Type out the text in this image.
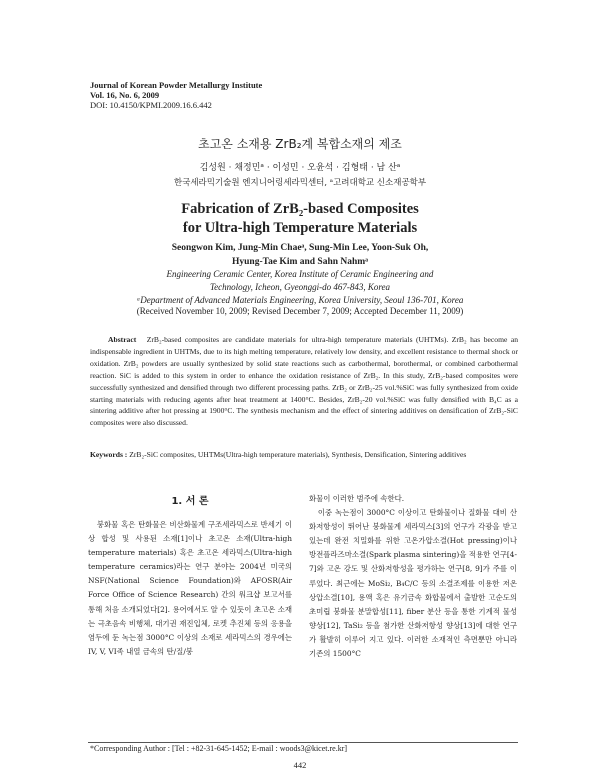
Journal of Korean Powder Metallurgy Institute
Vol. 16, No. 6, 2009
DOI: 10.4150/KPMI.2009.16.6.442
초고온 소재용 ZrB₂계 복합소재의 제조
김성원 · 채정민ᵃ · 이성민 · 오윤석 · 김형태 · 남 산ᵃ
한국세라믹기술원 엔지니어링세라믹센터, ᵃ고려대학교 신소재공학부
Fabrication of ZrB₂-based Composites
for Ultra-high Temperature Materials
Seongwon Kim, Jung-Min Chaeᵃ, Sung-Min Lee, Yoon-Suk Oh,
Hyung-Tae Kim and Sahn Nahmᵃ
Engineering Ceramic Center, Korea Institute of Ceramic Engineering and
Technology, Icheon, Gyeonggi-do 467-843, Korea
ᵃDepartment of Advanced Materials Engineering, Korea University, Seoul 136-701, Korea
(Received November 10, 2009; Revised December 7, 2009; Accepted December 11, 2009)
Abstract ZrB₂-based composites are candidate materials for ultra-high temperature materials (UHTMs). ZrB₂ has become an indispensable ingredient in UHTMs, due to its high melting temperature, relatively low density, and excellent resistance to thermal shock or oxidation. ZrB₂ powders are usually synthesized by solid state reactions such as carbothermal, borothermal, or combined carbothermal reaction. SiC is added to this system in order to enhance the oxidation resistance of ZrB₂. In this study, ZrB₂-based composites were successfully synthesized and densified through two different processing paths. ZrB₂ or ZrB₂-25 vol.%SiC was fully synthesized from oxide starting materials with reducing agents after heat treatment at 1400°C. Besides, ZrB₂-20 vol.%SiC was fully densified with B₄C as a sintering additive after hot pressing at 1900°C. The synthesis mechanism and the effect of sintering additives on densification of ZrB₂-SiC composites were also discussed.
Keywords : ZrB₂-SiC composites, UHTMs(Ultra-high temperature materials), Synthesis, Densification, Sintering additives
1. 서 론

붕화물 혹은 탄화물은 비산화물계 구조세라믹스로 반세기 이상 합성 및 사용된 소재[1]이나 초고온 소재(Ultra-high temperature materials) 혹은 초고온 세라믹스(Ultra-high temperature ceramics)라는 연구 분야는 2004년 미국의 NSF(National Science Foundation)와 AFOSR(Air Force Office of Science Research) 간의 워크샵 보고서를 통해 처음 소개되었다[2]. 용어에서도 알 수 있듯이 초고온 소재는 극초음속 비행체, 대기권 재진입체, 로켓 추진체 등의 응용을 염두에 둔 녹는점 3000°C 이상의 소재로 세라믹스의 경우에는 IV, V, VI족 내열 금속의 탄/질/붕

화물이 이러한 범주에 속한다.

이중 녹는점이 3000°C 이상이고 탄화물이나 질화물 대비 산화저항성이 뛰어난 붕화물계 세라믹스[3]의 연구가 각광을 받고 있는데 완전 치밀화를 위한 고온가압소결(Hot pressing)이나 방전플라즈마소결(Spark plasma sintering)을 적용한 연구[4-7]와 고온 강도 및 산화저항성을 평가하는 연구[8, 9]가 주를 이루었다. 최근에는 MoSi₂, B₄C/C 등의 소결조제를 이용한 저온상압소결[10], 용액 혹은 유기금속 화합물에서 출발한 고순도의 초미립 붕화물 분말합성[11], fiber 분산 등을 통한 기계적 물성 향상[12], TaSi₂ 등을 첨가한 산화저항성 향상[13]에 대한 연구가 활발히 이루어 지고 있다. 이러한 소재적인 측면뿐만 아니라 기존의 1500°C

*Corresponding Author : [Tel : +82-31-645-1452; E-mail : woods3@kicet.re.kr]
442
